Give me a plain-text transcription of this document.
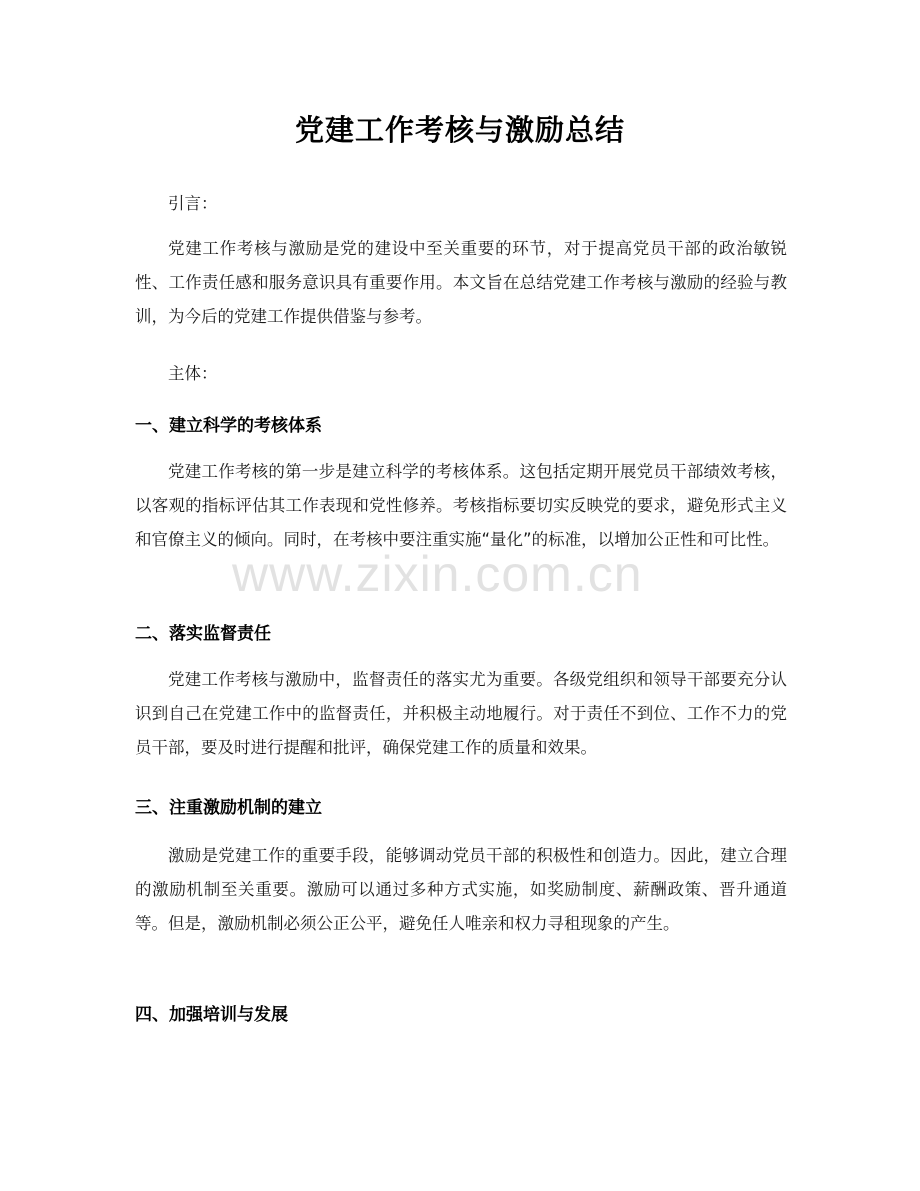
党建工作考核与激励总结
引言：
党建工作考核与激励是党的建设中至关重要的环节，对于提高党员干部的政治敏锐性、工作责任感和服务意识具有重要作用。本文旨在总结党建工作考核与激励的经验与教训，为今后的党建工作提供借鉴与参考。
主体：
一、建立科学的考核体系
党建工作考核的第一步是建立科学的考核体系。这包括定期开展党员干部绩效考核，以客观的指标评估其工作表现和党性修养。考核指标要切实反映党的要求，避免形式主义和官僚主义的倾向。同时，在考核中要注重实施“量化”的标准，以增加公正性和可比性。
二、落实监督责任
党建工作考核与激励中，监督责任的落实尤为重要。各级党组织和领导干部要充分认识到自己在党建工作中的监督责任，并积极主动地履行。对于责任不到位、工作不力的党员干部，要及时进行提醒和批评，确保党建工作的质量和效果。
三、注重激励机制的建立
激励是党建工作的重要手段，能够调动党员干部的积极性和创造力。因此，建立合理的激励机制至关重要。激励可以通过多种方式实施，如奖励制度、薪酬政策、晋升通道等。但是，激励机制必须公正公平，避免任人唯亲和权力寻租现象的产生。
四、加强培训与发展
www.zixin.com.cn
